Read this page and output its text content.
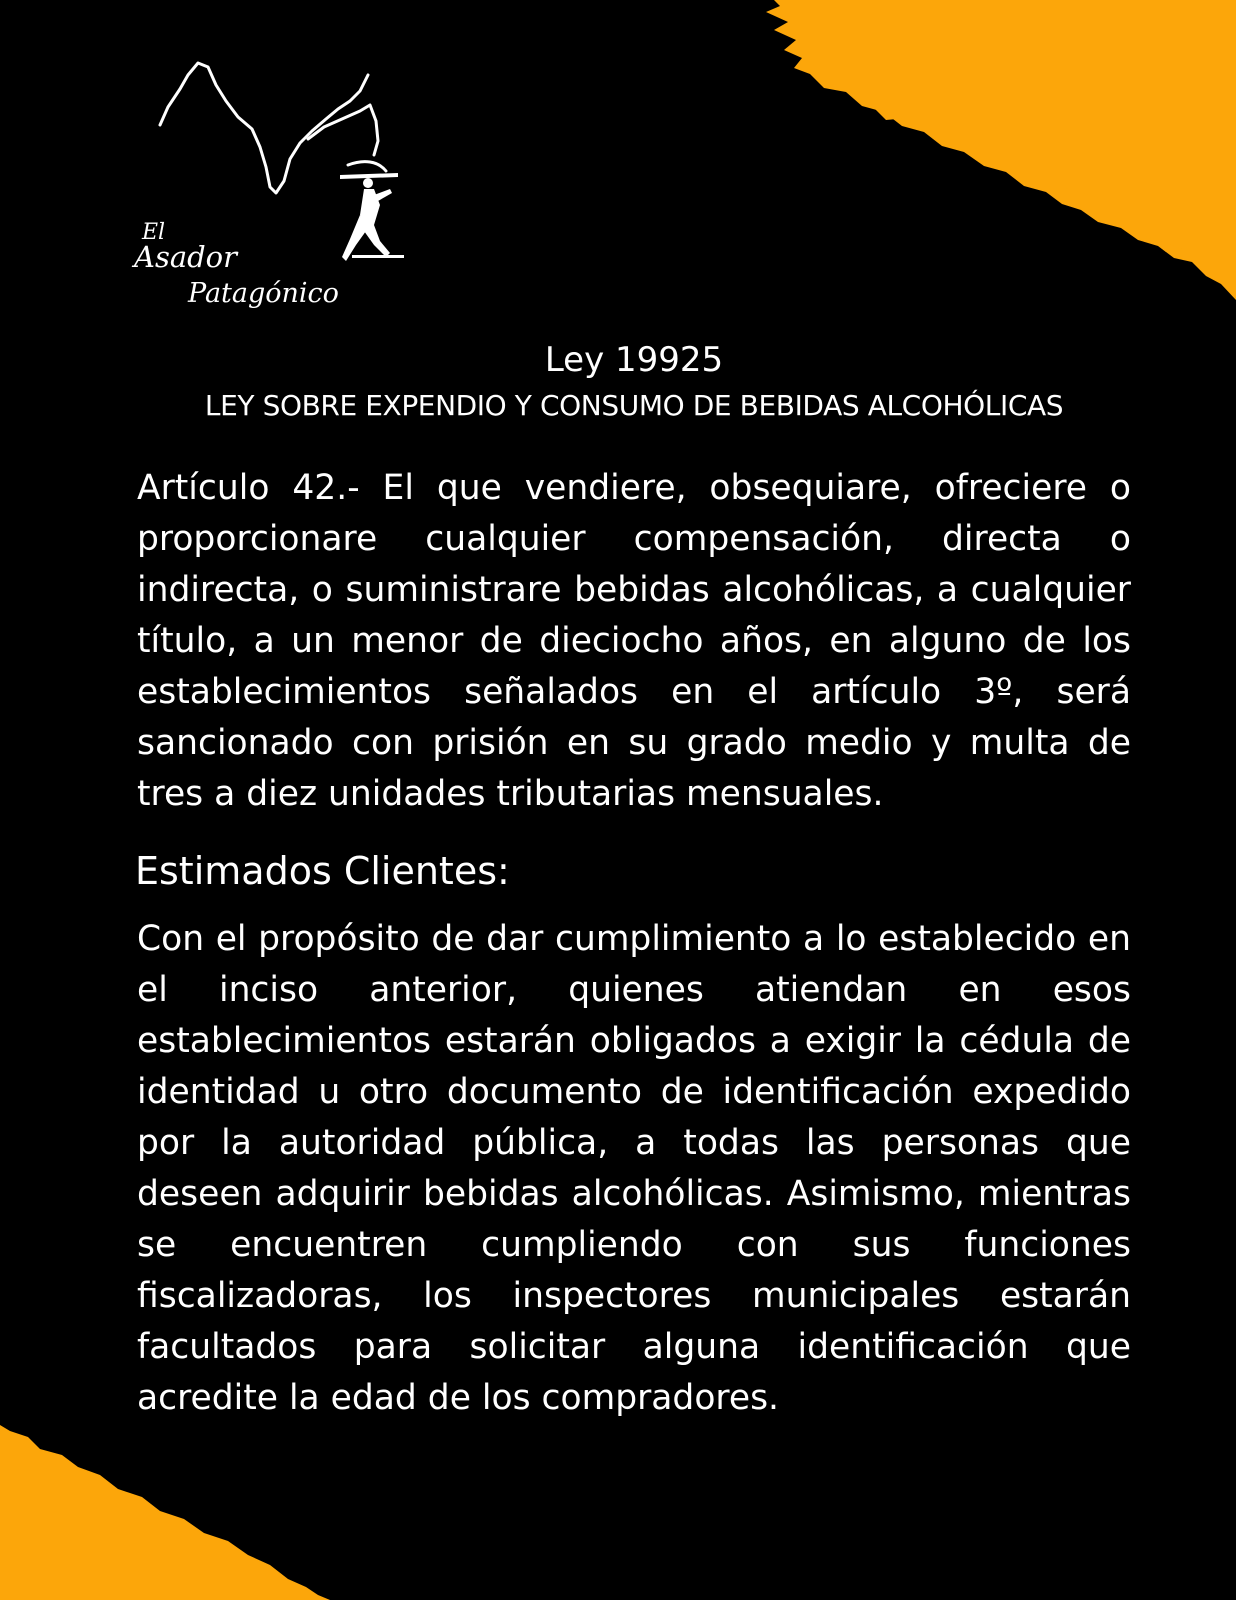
El
Asador
Patagónico
Ley 19925
LEY SOBRE EXPENDIO Y CONSUMO DE BEBIDAS ALCOHÓLICAS

Artículo 42.- El que vendiere, obsequiare, ofreciere o proporcionare cualquier compensación, directa o indirecta, o suministrare bebidas alcohólicas, a cualquier título, a un menor de dieciocho años, en alguno de los establecimientos señalados en el artículo 3º, será sancionado con prisión en su grado medio y multa de tres a diez unidades tributarias mensuales.

Estimados Clientes:

Con el propósito de dar cumplimiento a lo establecido en el inciso anterior, quienes atiendan en esos establecimientos estarán obligados a exigir la cédula de identidad u otro documento de identificación expedido por la autoridad pública, a todas las personas que deseen adquirir bebidas alcohólicas. Asimismo, mientras se encuentren cumpliendo con sus funciones fiscalizadoras, los inspectores municipales estarán facultados para solicitar alguna identificación que acredite la edad de los compradores.
